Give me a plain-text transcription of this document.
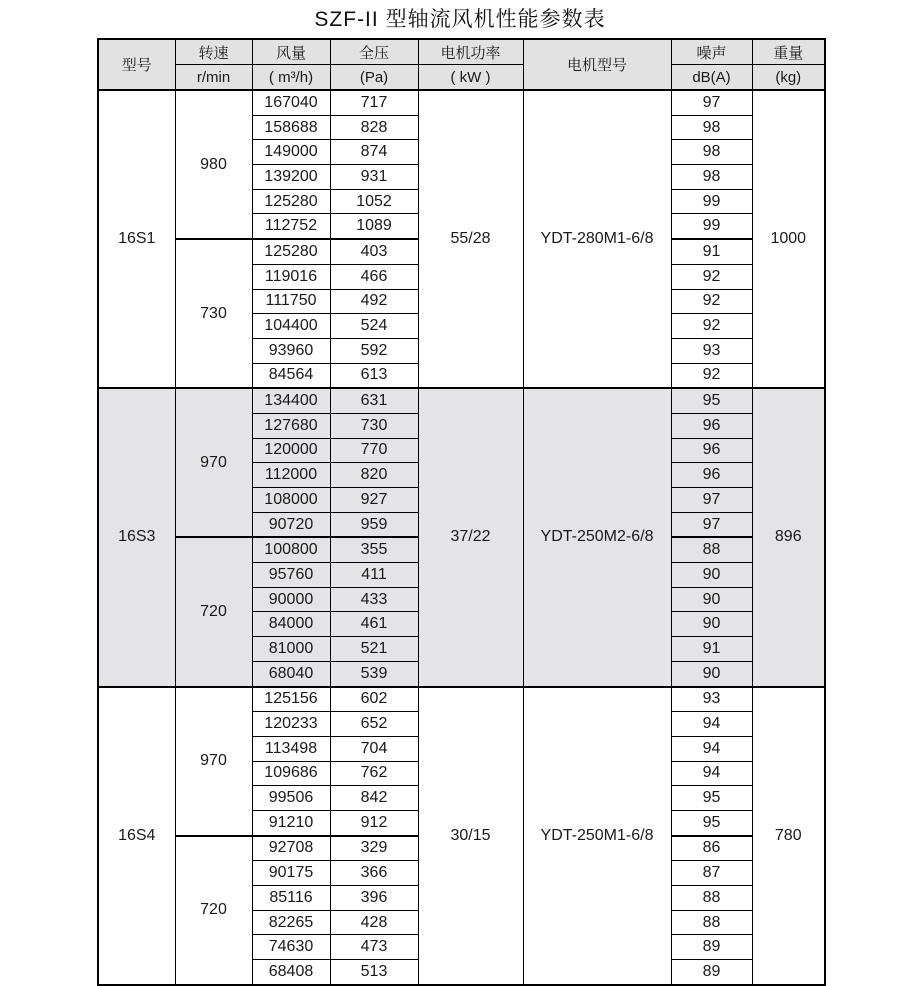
SZF-II 型轴流风机性能参数表
型号	转速	风量	全压	电机功率	电机型号	噪声	重量
	r/min	( m³/h)	(Pa)	( kW )		dB(A)	(kg)
16S1	980	167040	717	55/28	YDT-280M1-6/8	97	1000
		158688	828			98	
		149000	874			98	
		139200	931			98	
		125280	1052			99	
		112752	1089			99	
	730	125280	403			91	
		119016	466			92	
		111750	492			92	
		104400	524			92	
		93960	592			93	
		84564	613			92	
16S3	970	134400	631	37/22	YDT-250M2-6/8	95	896
		127680	730			96	
		120000	770			96	
		112000	820			96	
		108000	927			97	
		90720	959			97	
	720	100800	355			88	
		95760	411			90	
		90000	433			90	
		84000	461			90	
		81000	521			91	
		68040	539			90	
16S4	970	125156	602	30/15	YDT-250M1-6/8	93	780
		120233	652			94	
		113498	704			94	
		109686	762			94	
		99506	842			95	
		91210	912			95	
	720	92708	329			86	
		90175	366			87	
		85116	396			88	
		82265	428			88	
		74630	473			89	
		68408	513			89	
